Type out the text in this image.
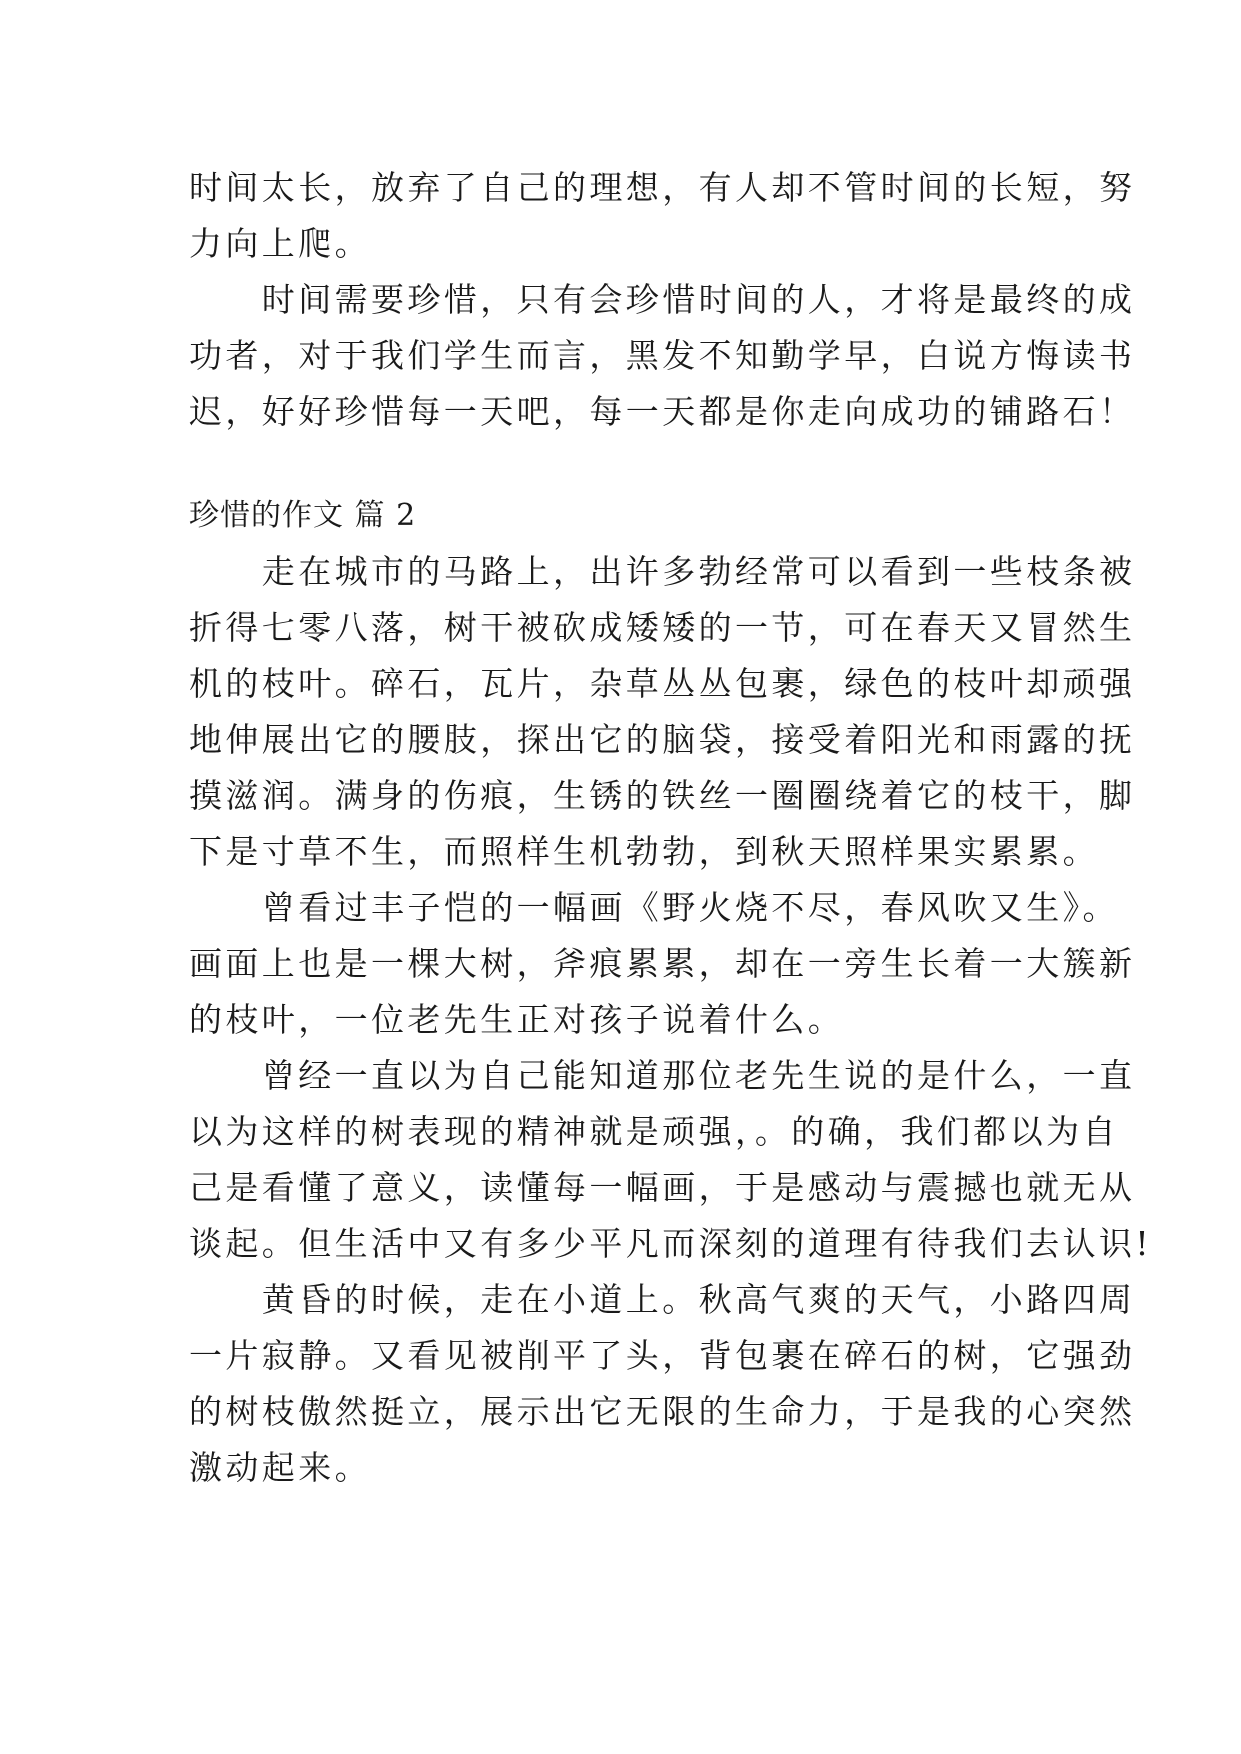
时间太长，放弃了自己的理想，有人却不管时间的长短，努
力向上爬。
　　时间需要珍惜，只有会珍惜时间的人，才将是最终的成
功者，对于我们学生而言，黑发不知勤学早，白说方悔读书
迟，好好珍惜每一天吧，每一天都是你走向成功的铺路石！
珍惜的作文 篇 2
　　走在城市的马路上，出许多勃经常可以看到一些枝条被
折得七零八落，树干被砍成矮矮的一节，可在春天又冒然生
机的枝叶。碎石，瓦片，杂草丛丛包裹，绿色的枝叶却顽强
地伸展出它的腰肢，探出它的脑袋，接受着阳光和雨露的抚
摸滋润。满身的伤痕，生锈的铁丝一圈圈绕着它的枝干，脚
下是寸草不生，而照样生机勃勃，到秋天照样果实累累。
　　曾看过丰子恺的一幅画《野火烧不尽，春风吹又生》。
画面上也是一棵大树，斧痕累累，却在一旁生长着一大簇新
的枝叶，一位老先生正对孩子说着什么。
　　曾经一直以为自己能知道那位老先生说的是什么，一直
以为这样的树表现的精神就是顽强，。的确，我们都以为自
己是看懂了意义，读懂每一幅画，于是感动与震撼也就无从
谈起。但生活中又有多少平凡而深刻的道理有待我们去认识!
　　黄昏的时候，走在小道上。秋高气爽的天气，小路四周
一片寂静。又看见被削平了头，背包裹在碎石的树，它强劲
的树枝傲然挺立，展示出它无限的生命力，于是我的心突然
激动起来。
